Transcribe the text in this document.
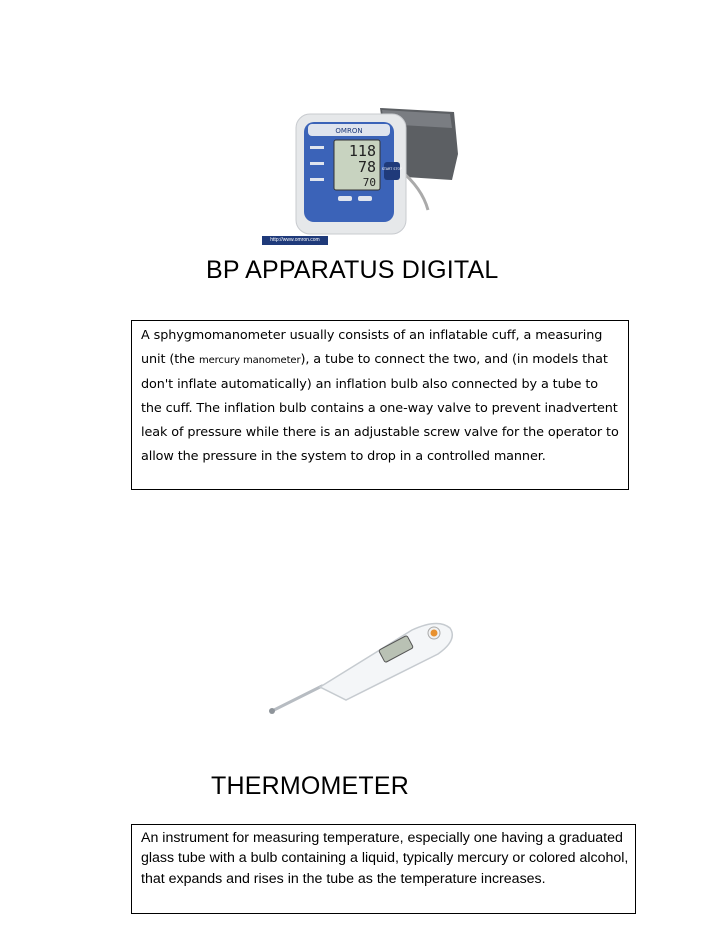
OMRON
118
78
70
START STOP
http://www.omron.com
BP APPARATUS DIGITAL
A sphygmomanometer usually consists of an inflatable cuff, a measuring unit (the mercury manometer), a tube to connect the two, and (in models that don't inflate automatically) an inflation bulb also connected by a tube to the cuff. The inflation bulb contains a one-way valve to prevent inadvertent leak of pressure while there is an adjustable screw valve for the operator to allow the pressure in the system to drop in a controlled manner.
THERMOMETER
An instrument for measuring temperature, especially one having a graduated glass tube with a bulb containing a liquid, typically mercury or colored alcohol, that expands and rises in the tube as the temperature increases.
